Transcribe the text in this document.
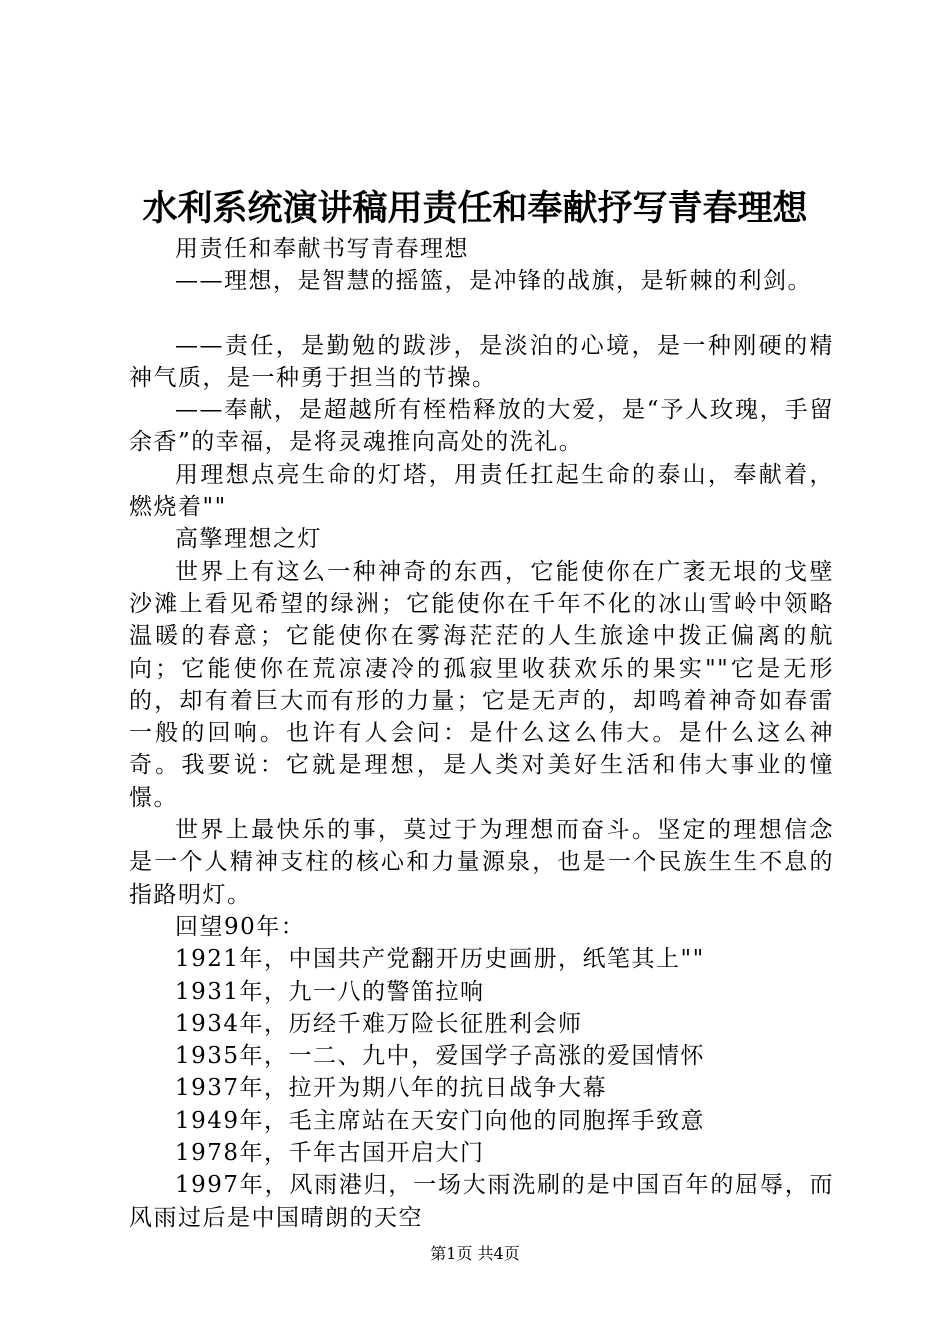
水利系统演讲稿用责任和奉献抒写青春理想

用责任和奉献书写青春理想

——理想，是智慧的摇篮，是冲锋的战旗，是斩棘的利剑。

——责任，是勤勉的跋涉，是淡泊的心境，是一种刚硬的精神气质，是一种勇于担当的节操。

——奉献，是超越所有桎梏释放的大爱，是“予人玫瑰，手留余香”的幸福，是将灵魂推向高处的洗礼。

用理想点亮生命的灯塔，用责任扛起生命的泰山，奉献着，燃烧着""

高擎理想之灯

世界上有这么一种神奇的东西，它能使你在广袤无垠的戈壁沙滩上看见希望的绿洲；它能使你在千年不化的冰山雪岭中领略温暖的春意；它能使你在雾海茫茫的人生旅途中拨正偏离的航向；它能使你在荒凉凄冷的孤寂里收获欢乐的果实""它是无形的，却有着巨大而有形的力量；它是无声的，却鸣着神奇如春雷一般的回响。也许有人会问：是什么这么伟大。是什么这么神奇。我要说：它就是理想，是人类对美好生活和伟大事业的憧憬。

世界上最快乐的事，莫过于为理想而奋斗。坚定的理想信念是一个人精神支柱的核心和力量源泉，也是一个民族生生不息的指路明灯。

回望90年：

1921年，中国共产党翻开历史画册，纸笔其上""

1931年，九一八的警笛拉响

1934年，历经千难万险长征胜利会师

1935年，一二、九中，爱国学子高涨的爱国情怀

1937年，拉开为期八年的抗日战争大幕

1949年，毛主席站在天安门向他的同胞挥手致意

1978年，千年古国开启大门

1997年，风雨港归，一场大雨洗刷的是中国百年的屈辱，而风雨过后是中国晴朗的天空

第1页 共4页
